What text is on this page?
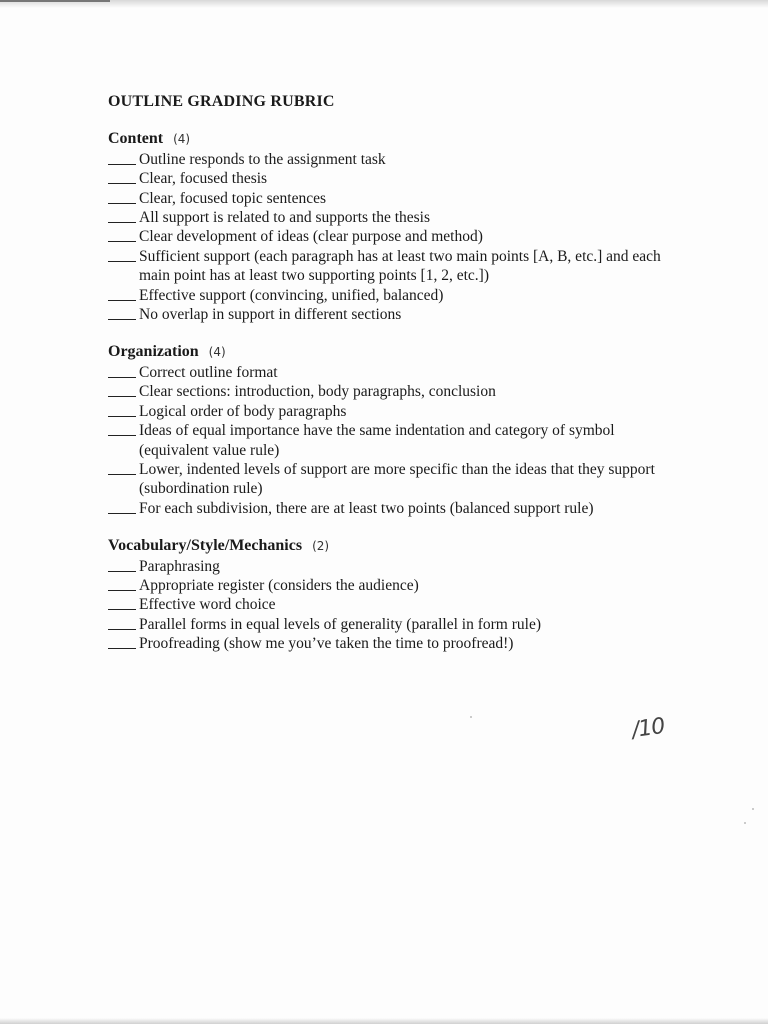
OUTLINE GRADING RUBRIC
Content (4)
Outline responds to the assignment task
Clear, focused thesis
Clear, focused topic sentences
All support is related to and supports the thesis
Clear development of ideas (clear purpose and method)
Sufficient support (each paragraph has at least two main points [A, B, etc.] and each main point has at least two supporting points [1, 2, etc.])
Effective support (convincing, unified, balanced)
No overlap in support in different sections
Organization (4)
Correct outline format
Clear sections: introduction, body paragraphs, conclusion
Logical order of body paragraphs
Ideas of equal importance have the same indentation and category of symbol (equivalent value rule)
Lower, indented levels of support are more specific than the ideas that they support (subordination rule)
For each subdivision, there are at least two points (balanced support rule)
Vocabulary/Style/Mechanics (2)
Paraphrasing
Appropriate register (considers the audience)
Effective word choice
Parallel forms in equal levels of generality (parallel in form rule)
Proofreading (show me you’ve taken the time to proofread!)
/10
